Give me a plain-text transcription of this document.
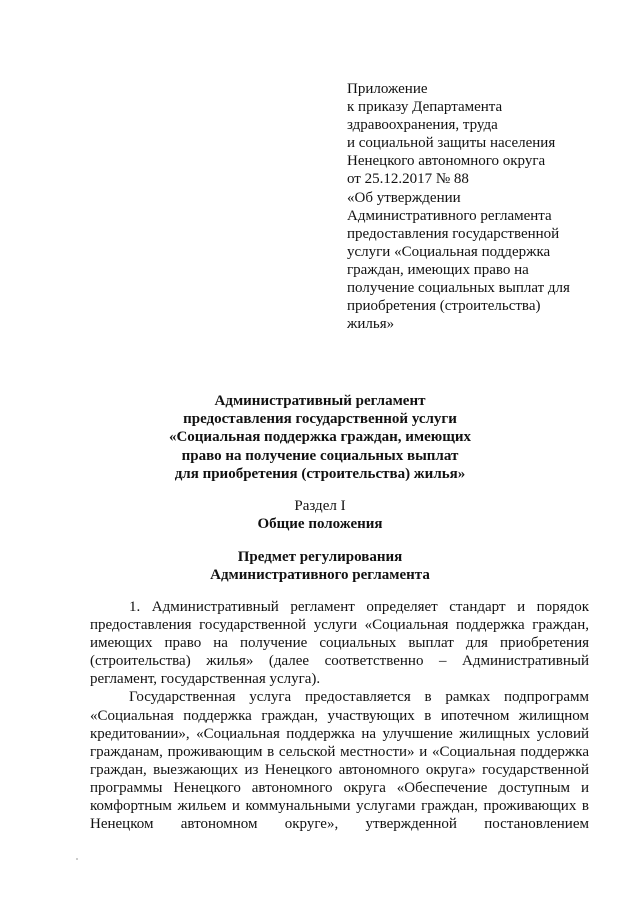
Приложение
к приказу Департамента
здравоохранения, труда
и социальной защиты населения
Ненецкого автономного округа
от 25.12.2017 № 88
«Об утверждении
Административного регламента
предоставления государственной
услуги «Социальная поддержка
граждан, имеющих право на
получение социальных выплат для
приобретения (строительства)
жилья»
Административный регламент
предоставления государственной услуги
«Социальная поддержка граждан, имеющих
право на получение социальных выплат
для приобретения (строительства) жилья»
Раздел I
Общие положения
Предмет регулирования
Административного регламента
1. Административный регламент определяет стандарт и порядок
предоставления государственной услуги «Социальная поддержка граждан,
имеющих право на получение социальных выплат для приобретения
(строительства) жилья» (далее соответственно – Административный
регламент, государственная услуга).
Государственная услуга предоставляется в рамках подпрограмм
«Социальная поддержка граждан, участвующих в ипотечном жилищном
кредитовании», «Социальная поддержка на улучшение жилищных условий
гражданам, проживающим в сельской местности» и «Социальная поддержка
граждан, выезжающих из Ненецкого автономного округа» государственной
программы Ненецкого автономного округа «Обеспечение доступным и
комфортным жильем и коммунальными услугами граждан, проживающих в
Ненецком автономном округе», утвержденной постановлением
